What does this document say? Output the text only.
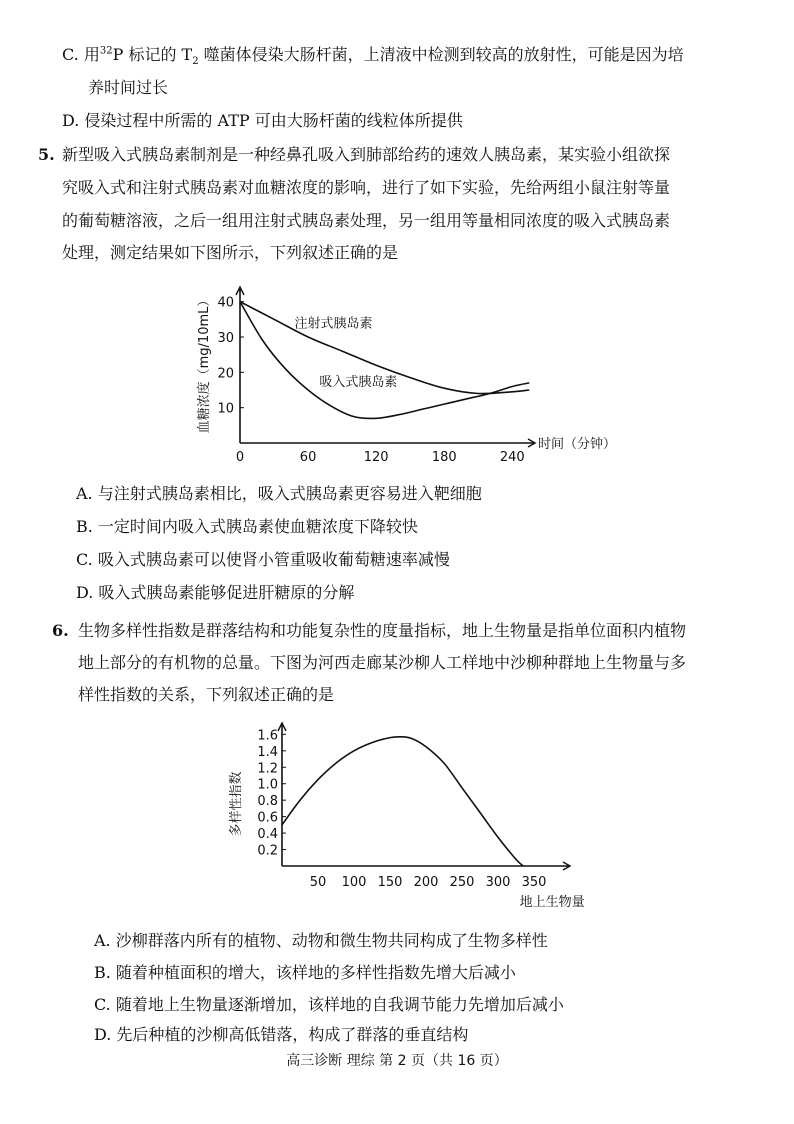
C. 用$^{32}$P 标记的 $T_2$ 噬菌体侵染大肠杆菌，上清液中检测到较高的放射性，可能是因为培
养时间过长
D. 侵染过程中所需的 ATP 可由大肠杆菌的线粒体所提供
5. 新型吸入式胰岛素制剂是一种经鼻孔吸入到肺部给药的速效人胰岛素，某实验小组欲探
究吸入式和注射式胰岛素对血糖浓度的影响，进行了如下实验，先给两组小鼠注射等量
的葡萄糖溶液，之后一组用注射式胰岛素处理，另一组用等量相同浓度的吸入式胰岛素
处理，测定结果如下图所示，下列叙述正确的是
0	60	120	180	240
10
20
30
40
时间（分钟）
血糖浓度（mg/10mL）	注射式胰岛素
吸入式胰岛素
A. 与注射式胰岛素相比，吸入式胰岛素更容易进入靶细胞
B. 一定时间内吸入式胰岛素使血糖浓度下降较快
C. 吸入式胰岛素可以使肾小管重吸收葡萄糖速率减慢
D. 吸入式胰岛素能够促进肝糖原的分解
6. 生物多样性指数是群落结构和功能复杂性的度量指标，地上生物量是指单位面积内植物
地上部分的有机物的总量。下图为河西走廊某沙柳人工样地中沙柳种群地上生物量与多
样性指数的关系，下列叙述正确的是
50 100 150 200 250 300 350
0.2
0.4
0.6
0.8
1.0
1.2
1.4
1.6
地上生物量
多样性指数
A. 沙柳群落内所有的植物、动物和微生物共同构成了生物多样性
B. 随着种植面积的增大，该样地的多样性指数先增大后减小
C. 随着地上生物量逐渐增加，该样地的自我调节能力先增加后减小
D. 先后种植的沙柳高低错落，构成了群落的垂直结构
高三诊断 理综 第 2 页（共 16 页）
